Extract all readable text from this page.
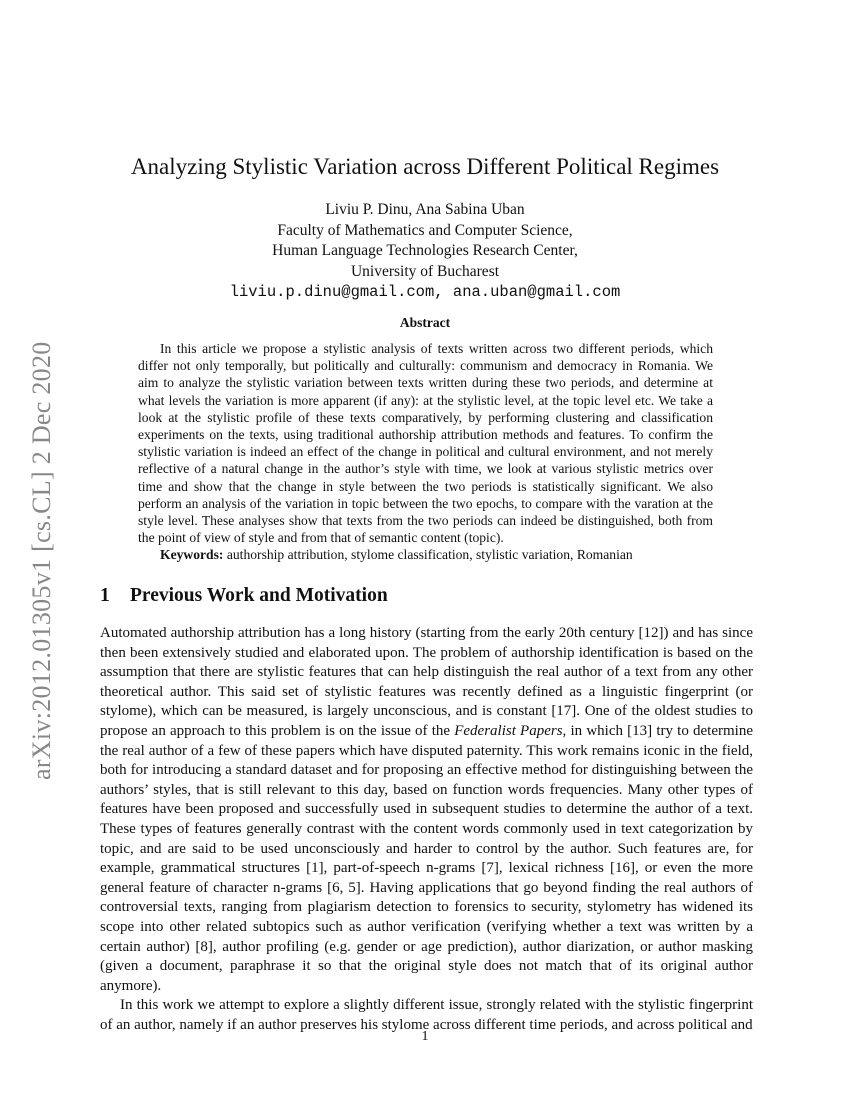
arXiv:2012.01305v1 [cs.CL] 2 Dec 2020
Analyzing Stylistic Variation across Different Political Regimes
Liviu P. Dinu, Ana Sabina Uban
Faculty of Mathematics and Computer Science,
Human Language Technologies Research Center,
University of Bucharest
liviu.p.dinu@gmail.com, ana.uban@gmail.com
Abstract

In this article we propose a stylistic analysis of texts written across two different periods, which differ not only temporally, but politically and culturally: communism and democracy in Romania. We aim to analyze the stylistic variation between texts written during these two periods, and determine at what levels the variation is more apparent (if any): at the stylistic level, at the topic level etc. We take a look at the stylistic profile of these texts comparatively, by performing clustering and classification experiments on the texts, using traditional authorship attribution methods and features. To confirm the stylistic variation is indeed an effect of the change in political and cultural environment, and not merely reflective of a natural change in the author’s style with time, we look at various stylistic metrics over time and show that the change in style between the two periods is statistically significant. We also perform an analysis of the variation in topic between the two epochs, to compare with the varation at the style level. These analyses show that texts from the two periods can indeed be distinguished, both from the point of view of style and from that of semantic content (topic).

Keywords: authorship attribution, stylome classification, stylistic variation, Romanian

1 Previous Work and Motivation

Automated authorship attribution has a long history (starting from the early 20th century [12]) and has since then been extensively studied and elaborated upon. The problem of authorship identification is based on the assumption that there are stylistic features that can help distinguish the real author of a text from any other theoretical author. This said set of stylistic features was recently defined as a linguistic fingerprint (or stylome), which can be measured, is largely unconscious, and is constant [17]. One of the oldest studies to propose an approach to this problem is on the issue of the Federalist Papers, in which [13] try to determine the real author of a few of these papers which have disputed paternity. This work remains iconic in the field, both for introducing a standard dataset and for proposing an effective method for distinguishing between the authors’ styles, that is still relevant to this day, based on function words frequencies. Many other types of features have been proposed and successfully used in subsequent studies to determine the author of a text. These types of features generally contrast with the content words commonly used in text categorization by topic, and are said to be used unconsciously and harder to control by the author. Such features are, for example, grammatical structures [1], part-of-speech n-grams [7], lexical richness [16], or even the more general feature of character n-grams [6, 5]. Having applications that go beyond finding the real authors of controversial texts, ranging from plagiarism detection to forensics to security, stylometry has widened its scope into other related subtopics such as author verification (verifying whether a text was written by a certain author) [8], author profiling (e.g. gender or age prediction), author diarization, or author masking (given a document, paraphrase it so that the original style does not match that of its original author anymore).

In this work we attempt to explore a slightly different issue, strongly related with the stylistic fingerprint of an author, namely if an author preserves his stylome across different time periods, and across political and

1
